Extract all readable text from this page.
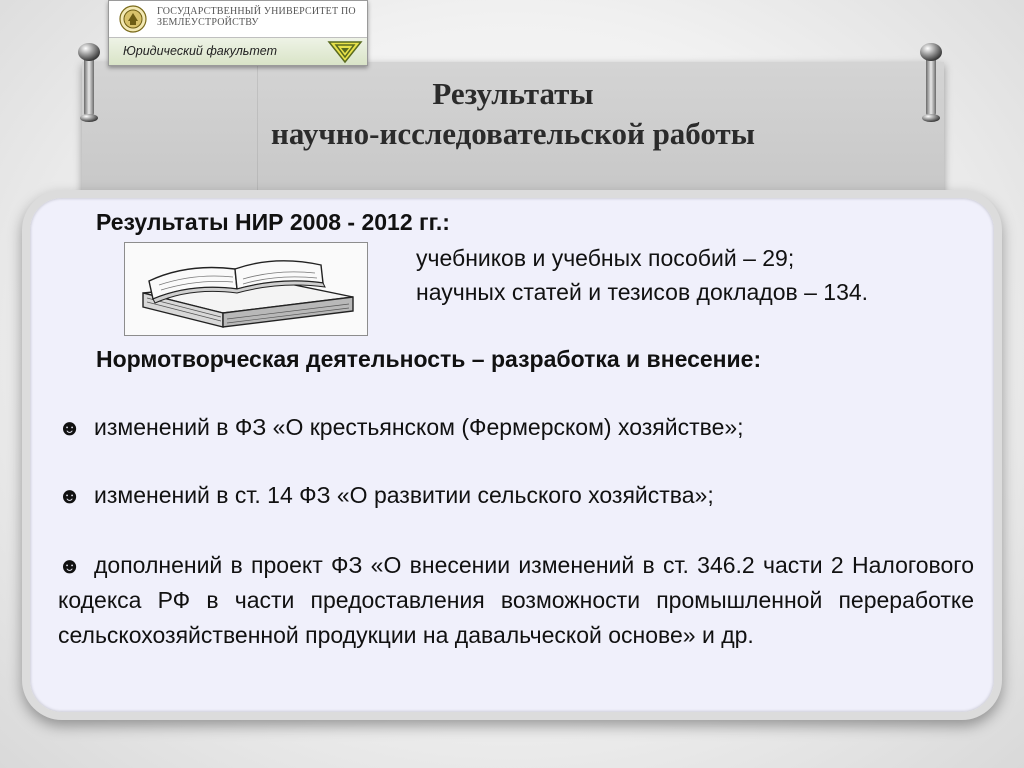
ГОСУДАРСТВЕННЫЙ УНИВЕРСИТЕТ ПО ЗЕМЛЕУСТРОЙСТВУ
Юридический факультет
Результаты
научно-исследовательской работы
Результаты НИР 2008 - 2012 гг.:
учебников и учебных пособий – 29;
научных статей и тезисов докладов – 134.
Нормотворческая деятельность – разработка и внесение:
☻ изменений в ФЗ «О крестьянском (Фермерском) хозяйстве»;
☻ изменений в ст. 14 ФЗ «О развитии сельского хозяйства»;
☻ дополнений в проект ФЗ «О внесении изменений в ст. 346.2 части 2 Налогового кодекса РФ в части предоставления возможности промышленной переработке сельскохозяйственной продукции на давальческой основе» и др.
